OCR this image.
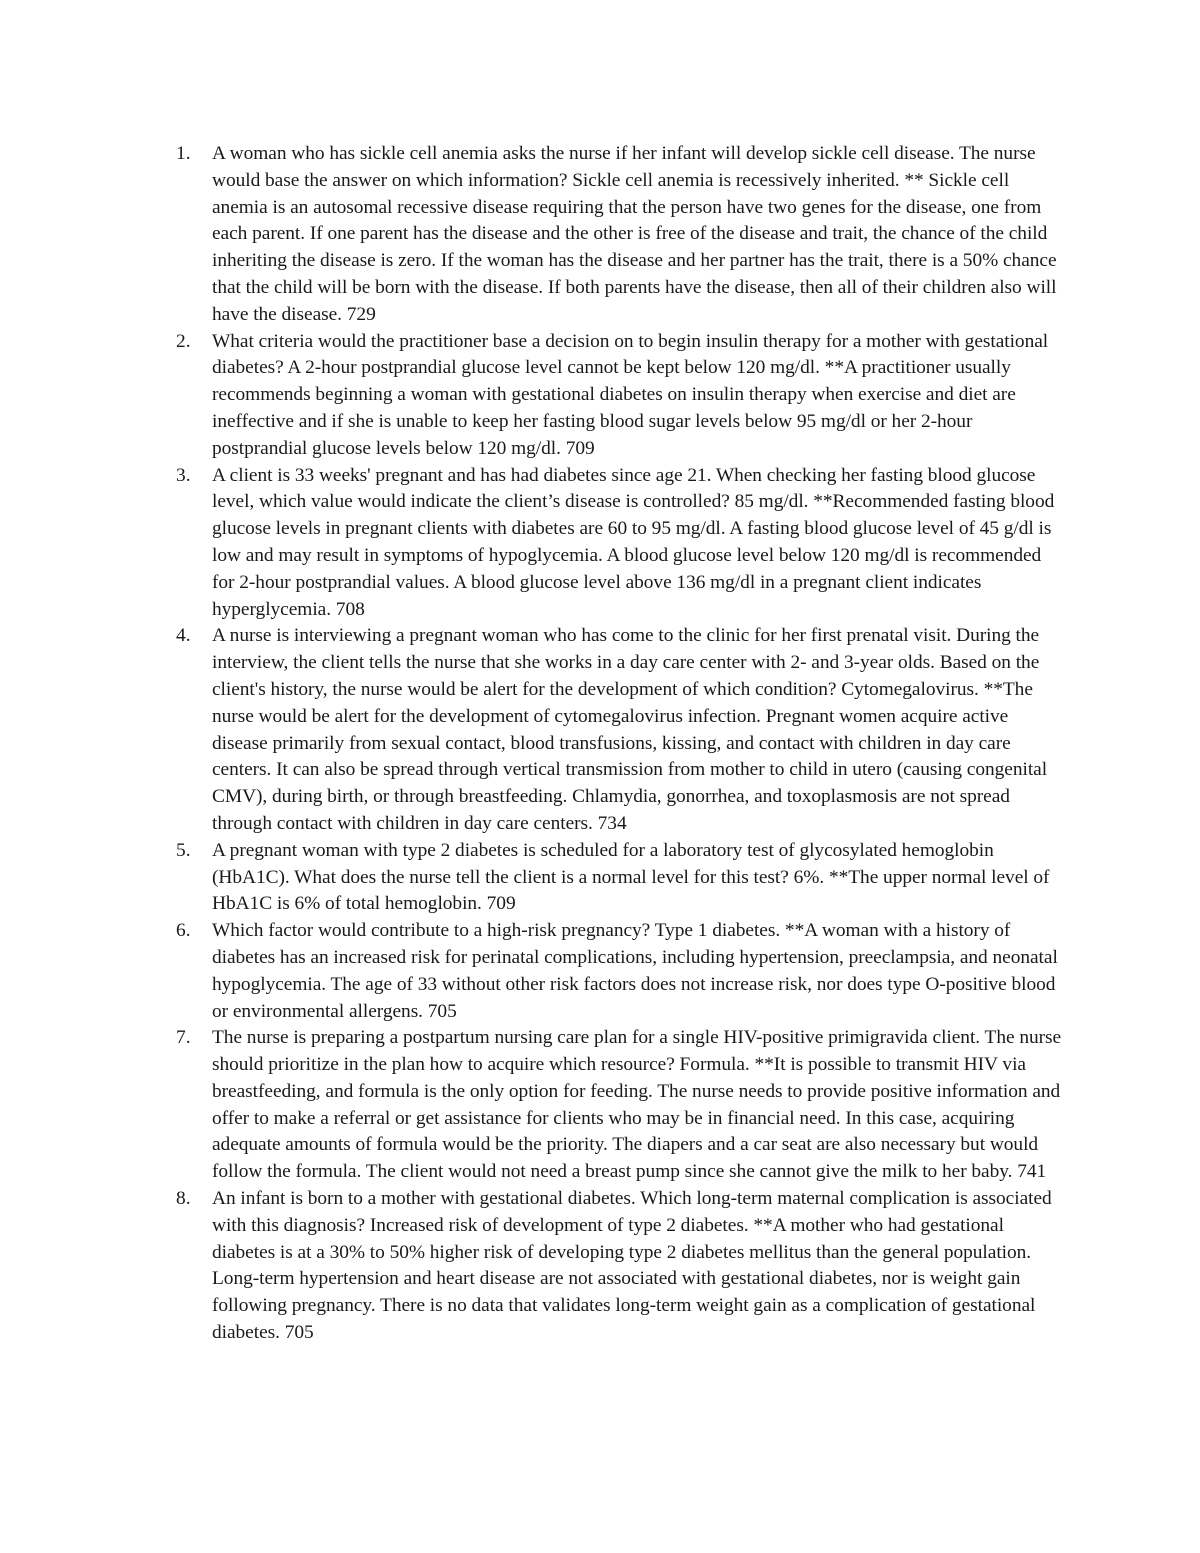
1. A woman who has sickle cell anemia asks the nurse if her infant will develop sickle cell disease. The nurse would base the answer on which information? Sickle cell anemia is recessively inherited. ** Sickle cell anemia is an autosomal recessive disease requiring that the person have two genes for the disease, one from each parent. If one parent has the disease and the other is free of the disease and trait, the chance of the child inheriting the disease is zero. If the woman has the disease and her partner has the trait, there is a 50% chance that the child will be born with the disease. If both parents have the disease, then all of their children also will have the disease. 729
2. What criteria would the practitioner base a decision on to begin insulin therapy for a mother with gestational diabetes? A 2-hour postprandial glucose level cannot be kept below 120 mg/dl. **A practitioner usually recommends beginning a woman with gestational diabetes on insulin therapy when exercise and diet are ineffective and if she is unable to keep her fasting blood sugar levels below 95 mg/dl or her 2-hour postprandial glucose levels below 120 mg/dl. 709
3. A client is 33 weeks' pregnant and has had diabetes since age 21. When checking her fasting blood glucose level, which value would indicate the client’s disease is controlled? 85 mg/dl. **Recommended fasting blood glucose levels in pregnant clients with diabetes are 60 to 95 mg/dl. A fasting blood glucose level of 45 g/dl is low and may result in symptoms of hypoglycemia. A blood glucose level below 120 mg/dl is recommended for 2-hour postprandial values. A blood glucose level above 136 mg/dl in a pregnant client indicates hyperglycemia. 708
4. A nurse is interviewing a pregnant woman who has come to the clinic for her first prenatal visit. During the interview, the client tells the nurse that she works in a day care center with 2- and 3-year olds. Based on the client's history, the nurse would be alert for the development of which condition? Cytomegalovirus. **The nurse would be alert for the development of cytomegalovirus infection. Pregnant women acquire active disease primarily from sexual contact, blood transfusions, kissing, and contact with children in day care centers. It can also be spread through vertical transmission from mother to child in utero (causing congenital CMV), during birth, or through breastfeeding. Chlamydia, gonorrhea, and toxoplasmosis are not spread through contact with children in day care centers. 734
5. A pregnant woman with type 2 diabetes is scheduled for a laboratory test of glycosylated hemoglobin (HbA1C). What does the nurse tell the client is a normal level for this test? 6%. **The upper normal level of HbA1C is 6% of total hemoglobin. 709
6. Which factor would contribute to a high-risk pregnancy? Type 1 diabetes. **A woman with a history of diabetes has an increased risk for perinatal complications, including hypertension, preeclampsia, and neonatal hypoglycemia. The age of 33 without other risk factors does not increase risk, nor does type O-positive blood or environmental allergens. 705
7. The nurse is preparing a postpartum nursing care plan for a single HIV-positive primigravida client. The nurse should prioritize in the plan how to acquire which resource? Formula. **It is possible to transmit HIV via breastfeeding, and formula is the only option for feeding. The nurse needs to provide positive information and offer to make a referral or get assistance for clients who may be in financial need. In this case, acquiring adequate amounts of formula would be the priority. The diapers and a car seat are also necessary but would follow the formula. The client would not need a breast pump since she cannot give the milk to her baby. 741
8. An infant is born to a mother with gestational diabetes. Which long-term maternal complication is associated with this diagnosis? Increased risk of development of type 2 diabetes. **A mother who had gestational diabetes is at a 30% to 50% higher risk of developing type 2 diabetes mellitus than the general population. Long-term hypertension and heart disease are not associated with gestational diabetes, nor is weight gain following pregnancy. There is no data that validates long-term weight gain as a complication of gestational diabetes. 705
